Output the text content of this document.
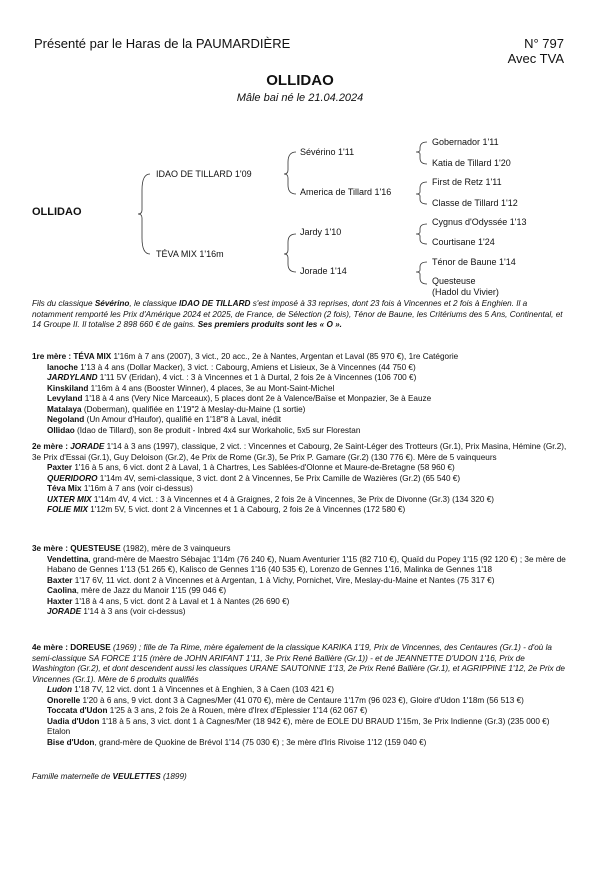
Présenté par le Haras de la PAUMARDIÈRE	N° 797
Avec TVA
OLLIDAO
Mâle bai né le 21.04.2024
OLLIDAO
IDAO DE TILLARD 1'09
TÉVA MIX 1'16m
Sévérino 1'11
America de Tillard 1'16
Jardy 1'10
Jorade 1'14
Gobernador 1'11
Katia de Tillard 1'20
First de Retz 1'11
Classe de Tillard 1'12
Cygnus d'Odyssée 1'13
Courtisane 1'24
Ténor de Baune 1'14
Questeuse
(Hadol du Vivier)
Fils du classique Sévérino, le classique IDAO DE TILLARD s'est imposé à 33 reprises, dont 23 fois à Vincennes et 2 fois à Enghien. Il a notamment remporté les Prix d'Amérique 2024 et 2025, de France, de Sélection (2 fois), Ténor de Baune, les Critériums des 5 Ans, Continental, et 14 Groupe II. Il totalise 2 898 660 € de gains. Ses premiers produits sont les « O ».
1re mère : TÉVA MIX 1'16m à 7 ans (2007), 3 vict., 20 acc., 2e à Nantes, Argentan et Laval (85 970 €), 1re Catégorie
Ianoche 1'13 à 4 ans (Dollar Macker), 3 vict. : Cabourg, Amiens et Lisieux, 3e à Vincennes (44 750 €)
JARDYLAND 1'11 5V (Eridan), 4 vict. : 3 à Vincennes et 1 à Durtal, 2 fois 2e à Vincennes (106 700 €)
Kinskiland 1'16m à 4 ans (Booster Winner), 4 places, 3e au Mont-Saint-Michel
Levyland 1'18 à 4 ans (Very Nice Marceaux), 5 places dont 2e à Valence/Baïse et Monpazier, 3e à Eauze
Matalaya (Doberman), qualifiée en 1'19"2 à Meslay-du-Maine (1 sortie)
Negoland (Un Amour d'Haufor), qualifié en 1'18"8 à Laval, inédit
Ollidao (Idao de Tillard), son 8e produit - Inbred 4x4 sur Workaholic, 5x5 sur Florestan
2e mère : JORADE 1'14 à 3 ans (1997), classique, 2 vict. : Vincennes et Cabourg, 2e Saint-Léger des Trotteurs (Gr.1), Prix Masina, Hémine (Gr.2), 3e Prix d'Essai (Gr.1), Guy Deloison (Gr.2), 4e Prix de Rome (Gr.3), 5e Prix P. Gamare (Gr.2) (130 776 €). Mère de 5 vainqueurs
Paxter 1'16 à 5 ans, 6 vict. dont 2 à Laval, 1 à Chartres, Les Sablées-d'Olonne et Maure-de-Bretagne (58 960 €)
QUERIDORO 1'14m 4V, semi-classique, 3 vict. dont 2 à Vincennes, 5e Prix Camille de Wazières (Gr.2) (65 540 €)
Téva Mix 1'16m à 7 ans (voir ci-dessus)
UXTER MIX 1'14m 4V, 4 vict. : 3 à Vincennes et 4 à Graignes, 2 fois 2e à Vincennes, 3e Prix de Divonne (Gr.3) (134 320 €)
FOLIE MIX 1'12m 5V, 5 vict. dont 2 à Vincennes et 1 à Cabourg, 2 fois 2e à Vincennes (172 580 €)
3e mère : QUESTEUSE (1982), mère de 3 vainqueurs
Vendettina, grand-mère de Maestro Sébajac 1'14m (76 240 €), Nuam Aventurier 1'15 (82 710 €), Quaïd du Popey 1'15 (92 120 €) ; 3e mère de Habano de Gennes 1'13 (51 265 €), Kalisco de Gennes 1'16 (40 535 €), Lorenzo de Gennes 1'16, Malinka de Gennes 1'18
Baxter 1'17 6V, 11 vict. dont 2 à Vincennes et à Argentan, 1 à Vichy, Pornichet, Vire, Meslay-du-Maine et Nantes (75 317 €)
Caolina, mère de Jazz du Manoir 1'15 (99 046 €)
Haxter 1'18 à 4 ans, 5 vict. dont 2 à Laval et 1 à Nantes (26 690 €)
JORADE 1'14 à 3 ans (voir ci-dessus)
4e mère : DOREUSE (1969) ; fille de Ta Rime, mère également de la classique KARIKA 1'19, Prix de Vincennes, des Centaures (Gr.1) - d'où la semi-classique SA FORCE 1'15 (mère de JOHN ARIFANT 1'11, 3e Prix René Ballière (Gr.1)) - et de JEANNETTE D'UDON 1'16, Prix de Washington (Gr.2), et dont descendent aussi les classiques URANE SAUTONNE 1'13, 2e Prix René Ballière (Gr.1), et AGRIPPINE 1'12, 2e Prix de Vincennes (Gr.1). Mère de 6 produits qualifiés
Ludon 1'18 7V, 12 vict. dont 1 à Vincennes et à Enghien, 3 à Caen (103 421 €)
Onorelle 1'20 à 6 ans, 9 vict. dont 3 à Cagnes/Mer (41 070 €), mère de Centaure 1'17m (96 023 €), Gloire d'Udon 1'18m (56 513 €)
Toccata d'Udon 1'25 à 3 ans, 2 fois 2e à Rouen, mère d'Irex d'Eplessier 1'14 (62 067 €)
Uadia d'Udon 1'18 à 5 ans, 3 vict. dont 1 à Cagnes/Mer (18 942 €), mère de EOLE DU BRAUD 1'15m, 3e Prix Indienne (Gr.3) (235 000 €) Etalon
Bise d'Udon, grand-mère de Quokine de Brévol 1'14 (75 030 €) ; 3e mère d'Iris Rivoise 1'12 (159 040 €)
Famille maternelle de VEULETTES (1899)
